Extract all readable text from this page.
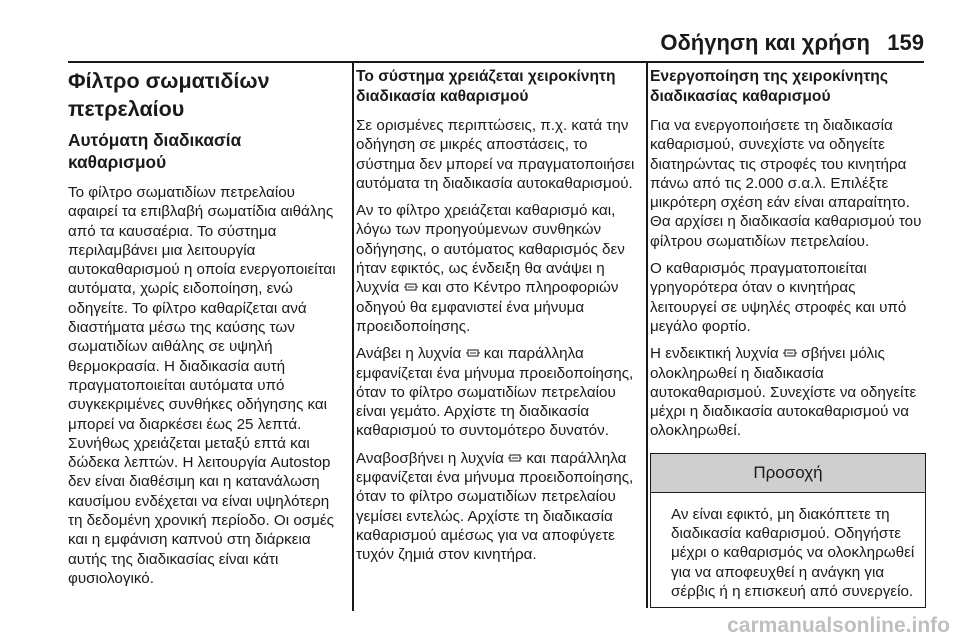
Οδήγηση και χρήση 159
Φίλτρο σωματιδίων
πετρελαίου
Αυτόματη διαδικασία καθαρισμού

Το φίλτρο σωματιδίων πετρελαίου αφαιρεί τα επιβλαβή σωματίδια αιθάλης από τα καυσαέρια. Το σύστημα περιλαμβάνει μια λειτουργία αυτοκαθαρισμού η οποία ενεργοποιείται αυτόματα, χωρίς ειδοποίηση, ενώ οδηγείτε. Το φίλτρο καθαρίζεται ανά διαστήματα μέσω της καύσης των σωματιδίων αιθάλης σε υψηλή θερμοκρασία. Η διαδικασία αυτή πραγματοποιείται αυτόματα υπό συγκεκριμένες συνθήκες οδήγησης και μπορεί να διαρκέσει έως 25 λεπτά. Συνήθως χρειάζεται μεταξύ επτά και δώδεκα λεπτών. Η λειτουργία Autostop δεν είναι διαθέσιμη και η κατανάλωση καυσίμου ενδέχεται να είναι υψηλότερη τη δεδομένη χρονική περίοδο. Οι οσμές και η εμφάνιση καπνού στη διάρκεια αυτής της διαδικασίας είναι κάτι φυσιολογικό.

Το σύστημα χρειάζεται χειροκίνητη διαδικασία καθαρισμού

Σε ορισμένες περιπτώσεις, π.χ. κατά την οδήγηση σε μικρές αποστάσεις, το σύστημα δεν μπορεί να πραγματοποιήσει αυτόματα τη διαδικασία αυτοκαθαρισμού.

Αν το φίλτρο χρειάζεται καθαρισμό και, λόγω των προηγούμενων συνθηκών οδήγησης, ο αυτόματος καθαρισμός δεν ήταν εφικτός, ως ένδειξη θα ανάψει η λυχνία και στο Κέντρο πληροφοριών οδηγού θα εμφανιστεί ένα μήνυμα προειδοποίησης.

Ανάβει η λυχνία και παράλληλα εμφανίζεται ένα μήνυμα προειδοποίησης, όταν το φίλτρο σωματιδίων πετρελαίου είναι γεμάτο. Αρχίστε τη διαδικασία καθαρισμού το συντομότερο δυνατόν.

Αναβοσβήνει η λυχνία και παράλληλα εμφανίζεται ένα μήνυμα προειδοποίησης, όταν το φίλτρο σωματιδίων πετρελαίου γεμίσει εντελώς. Αρχίστε τη διαδικασία καθαρισμού αμέσως για να αποφύγετε τυχόν ζημιά στον κινητήρα.

Ενεργοποίηση της χειροκίνητης διαδικασίας καθαρισμού

Για να ενεργοποιήσετε τη διαδικασία καθαρισμού, συνεχίστε να οδηγείτε διατηρώντας τις στροφές του κινητήρα πάνω από τις 2.000 σ.α.λ. Επιλέξτε μικρότερη σχέση εάν είναι απαραίτητο. Θα αρχίσει η διαδικασία καθαρισμού του φίλτρου σωματιδίων πετρελαίου.

Ο καθαρισμός πραγματοποιείται γρηγορότερα όταν ο κινητήρας λειτουργεί σε υψηλές στροφές και υπό μεγάλο φορτίο.

Η ενδεικτική λυχνία σβήνει μόλις ολοκληρωθεί η διαδικασία αυτοκαθαρισμού. Συνεχίστε να οδηγείτε μέχρι η διαδικασία αυτοκαθαρισμού να ολοκληρωθεί.

Προσοχή
Αν είναι εφικτό, μη διακόπτετε τη διαδικασία καθαρισμού. Οδηγήστε μέχρι ο καθαρισμός να ολοκληρωθεί για να αποφευχθεί η ανάγκη για σέρβις ή η επισκευή από συνεργείο.
carmanualsonline.info
